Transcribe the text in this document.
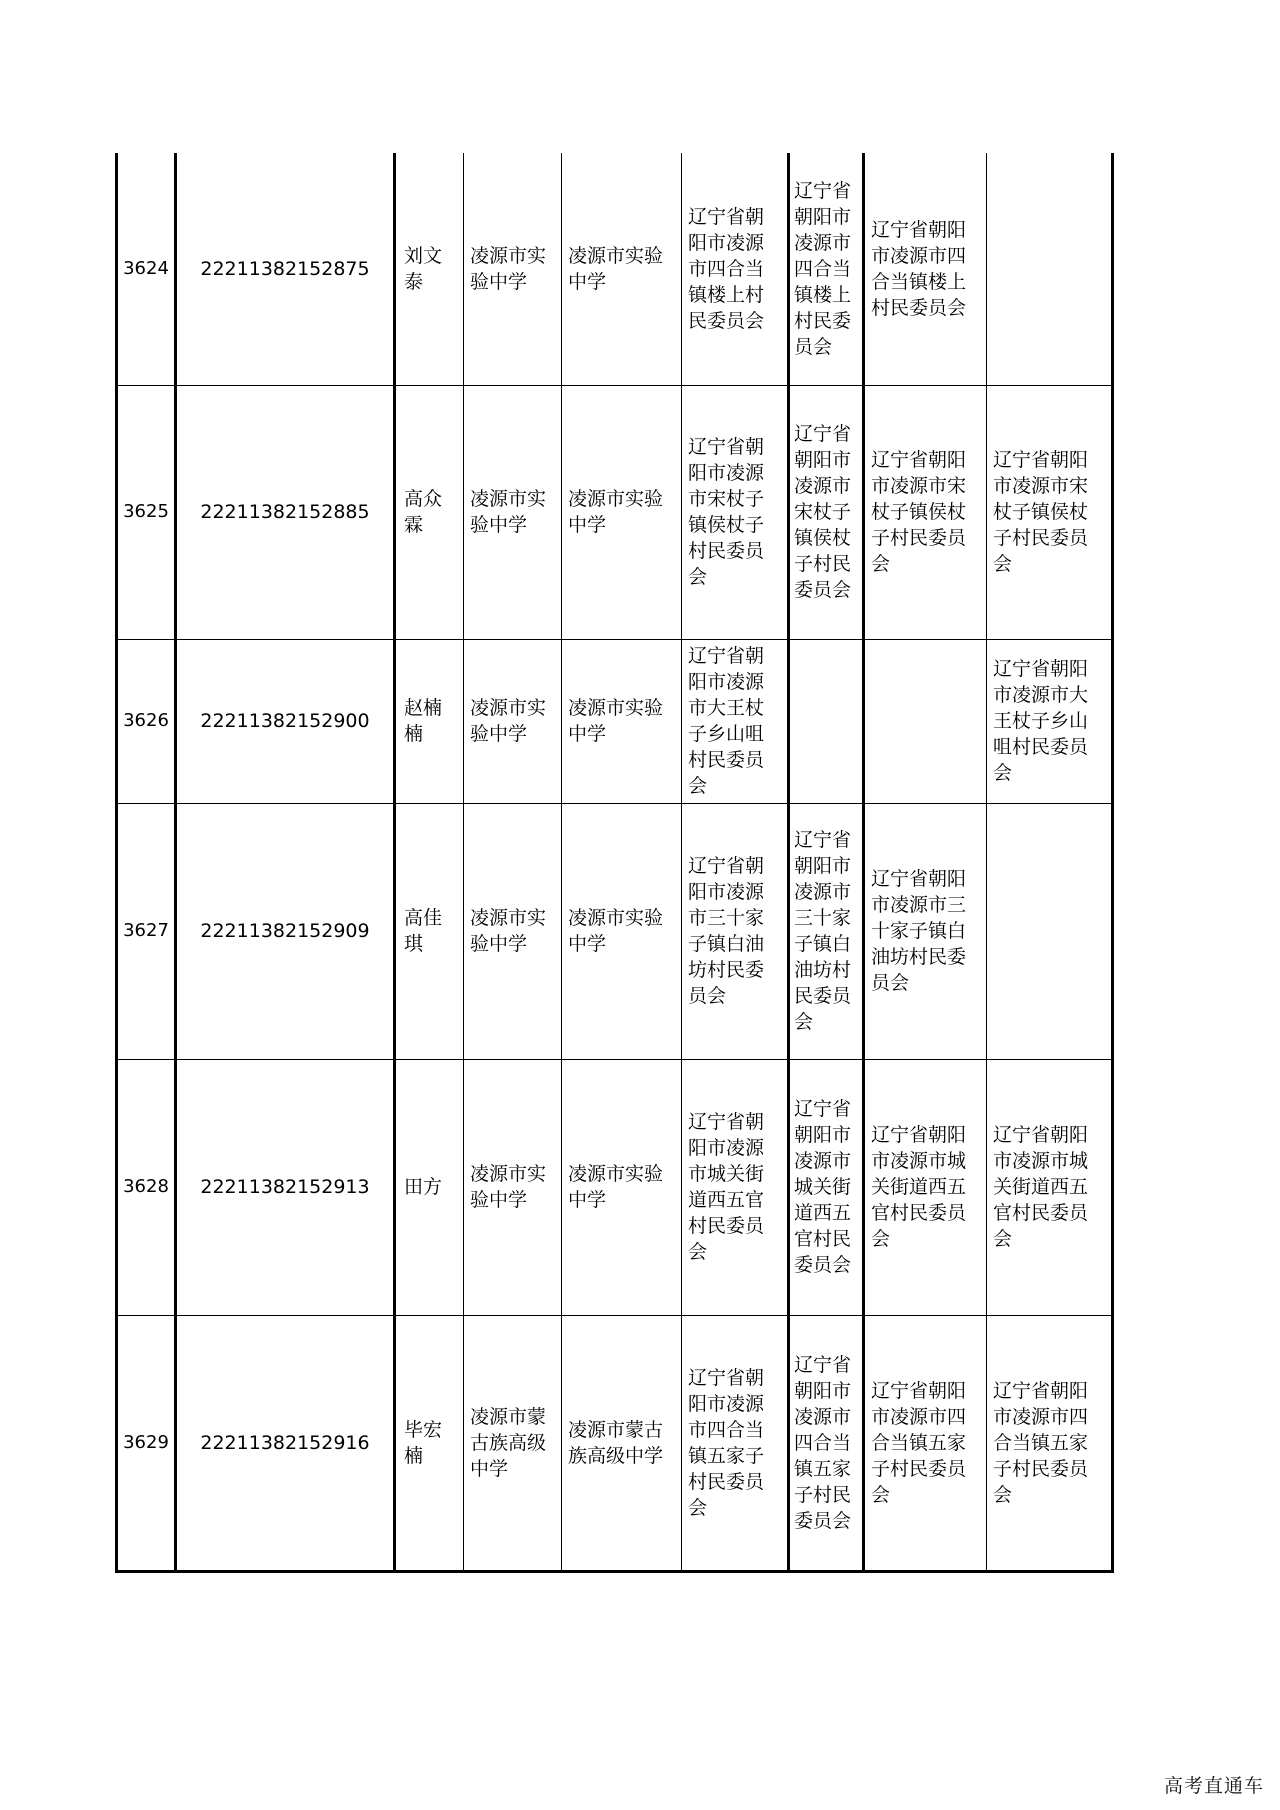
3624	22211382152875	刘文泰	凌源市实验中学	凌源市实验中学	辽宁省朝阳市凌源市四合当镇楼上村民委员会	辽宁省朝阳市凌源市四合当镇楼上村民委员会	辽宁省朝阳市凌源市四合当镇楼上村民委员会	
3625	22211382152885	高众霖	凌源市实验中学	凌源市实验中学	辽宁省朝阳市凌源市宋杖子镇侯杖子村民委员会	辽宁省朝阳市凌源市宋杖子镇侯杖子村民委员会	辽宁省朝阳市凌源市宋杖子镇侯杖子村民委员会	辽宁省朝阳市凌源市宋杖子镇侯杖子村民委员会
3626	22211382152900	赵楠楠	凌源市实验中学	凌源市实验中学	辽宁省朝阳市凌源市大王杖子乡山咀村民委员会			辽宁省朝阳市凌源市大王杖子乡山咀村民委员会
3627	22211382152909	高佳琪	凌源市实验中学	凌源市实验中学	辽宁省朝阳市凌源市三十家子镇白油坊村民委员会	辽宁省朝阳市凌源市三十家子镇白油坊村民委员会	辽宁省朝阳市凌源市三十家子镇白油坊村民委员会	
3628	22211382152913	田方	凌源市实验中学	凌源市实验中学	辽宁省朝阳市凌源市城关街道西五官村民委员会	辽宁省朝阳市凌源市城关街道西五官村民委员会	辽宁省朝阳市凌源市城关街道西五官村民委员会	辽宁省朝阳市凌源市城关街道西五官村民委员会
3629	22211382152916	毕宏楠	凌源市蒙古族高级中学	凌源市蒙古族高级中学	辽宁省朝阳市凌源市四合当镇五家子村民委员会	辽宁省朝阳市凌源市四合当镇五家子村民委员会	辽宁省朝阳市凌源市四合当镇五家子村民委员会	辽宁省朝阳市凌源市四合当镇五家子村民委员会
高考直通车
